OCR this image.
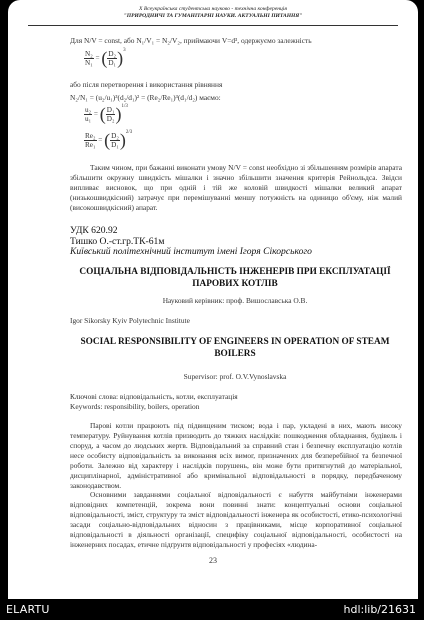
Х Всеукраїнська студентська науково - технічна конференція
"ПРИРОДНИЧІ ТА ГУМАНІТАРНІ НАУКИ. АКТУАЛЬНІ ПИТАННЯ"
Для N/V = const, або N₁/V₁ = N₂/V₂, приймаючи V=d³, одержуємо залежність
$\frac{\text{N₂}}{\text{N₁}}$ = ( $\frac{\text{D₂}}{\text{D₁}} )^3$
або після перетворення і використання рівняння
N₂/N₁ = (u₂/u₁)³(d₂/d₁)² = (Re₂/Re₁)³(d₁/d₂) маємо:
$\frac{\text{u₂}}{\text{u₁}}$ = ( $\frac{\text{D₁}}{\text{D₂}} )^{1/3}$
$\frac{\text{Re₂}}{\text{Re₁}}$ = ( $\frac{\text{D₂}}{\text{D₁}} )^{2/3}$
Таким чином, при бажанні виконати умову N/V = const необхідно зі збільшенням розмірів апарата збільшити окружну швидкість мішалки і значно збільшити значення критерія Рейнольдса. Звідси випливає висновок, що при одній і тій же коловій швидкості мішалки великий апарат (низькошвидкісний) затрачує при перемішуванні меншу потужність на одиницю об'єму, ніж малий (високошвидкісний) апарат.
УДК 620.92
Тишко О.-ст.гр.ТК-61м
Київський політехнічний інститут імені Ігоря Сікорського
СОЦІАЛЬНА ВІДПОВІДАЛЬНІСТЬ ІНЖЕНЕРІВ ПРИ ЕКСПЛУАТАЦІЇ ПАРОВИХ КОТЛІВ
Науковий керівник: проф. Вишославська О.В.
Igor Sikorsky Kyiv Polytechnic Institute
SOCIAL RESPONSIBILITY OF ENGINEERS IN OPERATION OF STEAM BOILERS
Supervisor: prof. O.V.Vynoslavska
Ключові слова: відповідальність, котли, експлуатація
Keywords: responsibility, boilers, operation
Парові котли працюють під підвищеним тиском; вода і пар, укладені в них, мають високу температуру. Руйнування котлів призводить до тяжких наслідків: пошкодження обладнання, будівель і споруд, а часом до людських жертв. Відповідальний за справний стан і безпечну експлуатацію котлів несе особисту відповідальність за виконання всіх вимог, призначених для безперебійної та безпечної роботи. Залежно від характеру і наслідків порушень, він може бути притягнутий до матеріальної, дисциплінарної, адміністративної або кримінальної відповідальності в порядку, передбаченому законодавством.
Основними завданнями соціальної відповідальності є набуття майбутніми інженерами відповідних компетенцій, зокрема вони повинні знати: концептуальні основи соціальної відповідальності, зміст, структуру та зміст відповідальності інженера як особистості, етико-психологічні засади соціально-відповідальних відносин з працівниками, місце корпоративної соціальної відповідальності в діяльності організації, специфіку соціальної відповідальності, особистості на інженерних посадах, етичне підґрунтя відповідальності у професіях «людина-
23
ELARTU	hdl:lib/21631
